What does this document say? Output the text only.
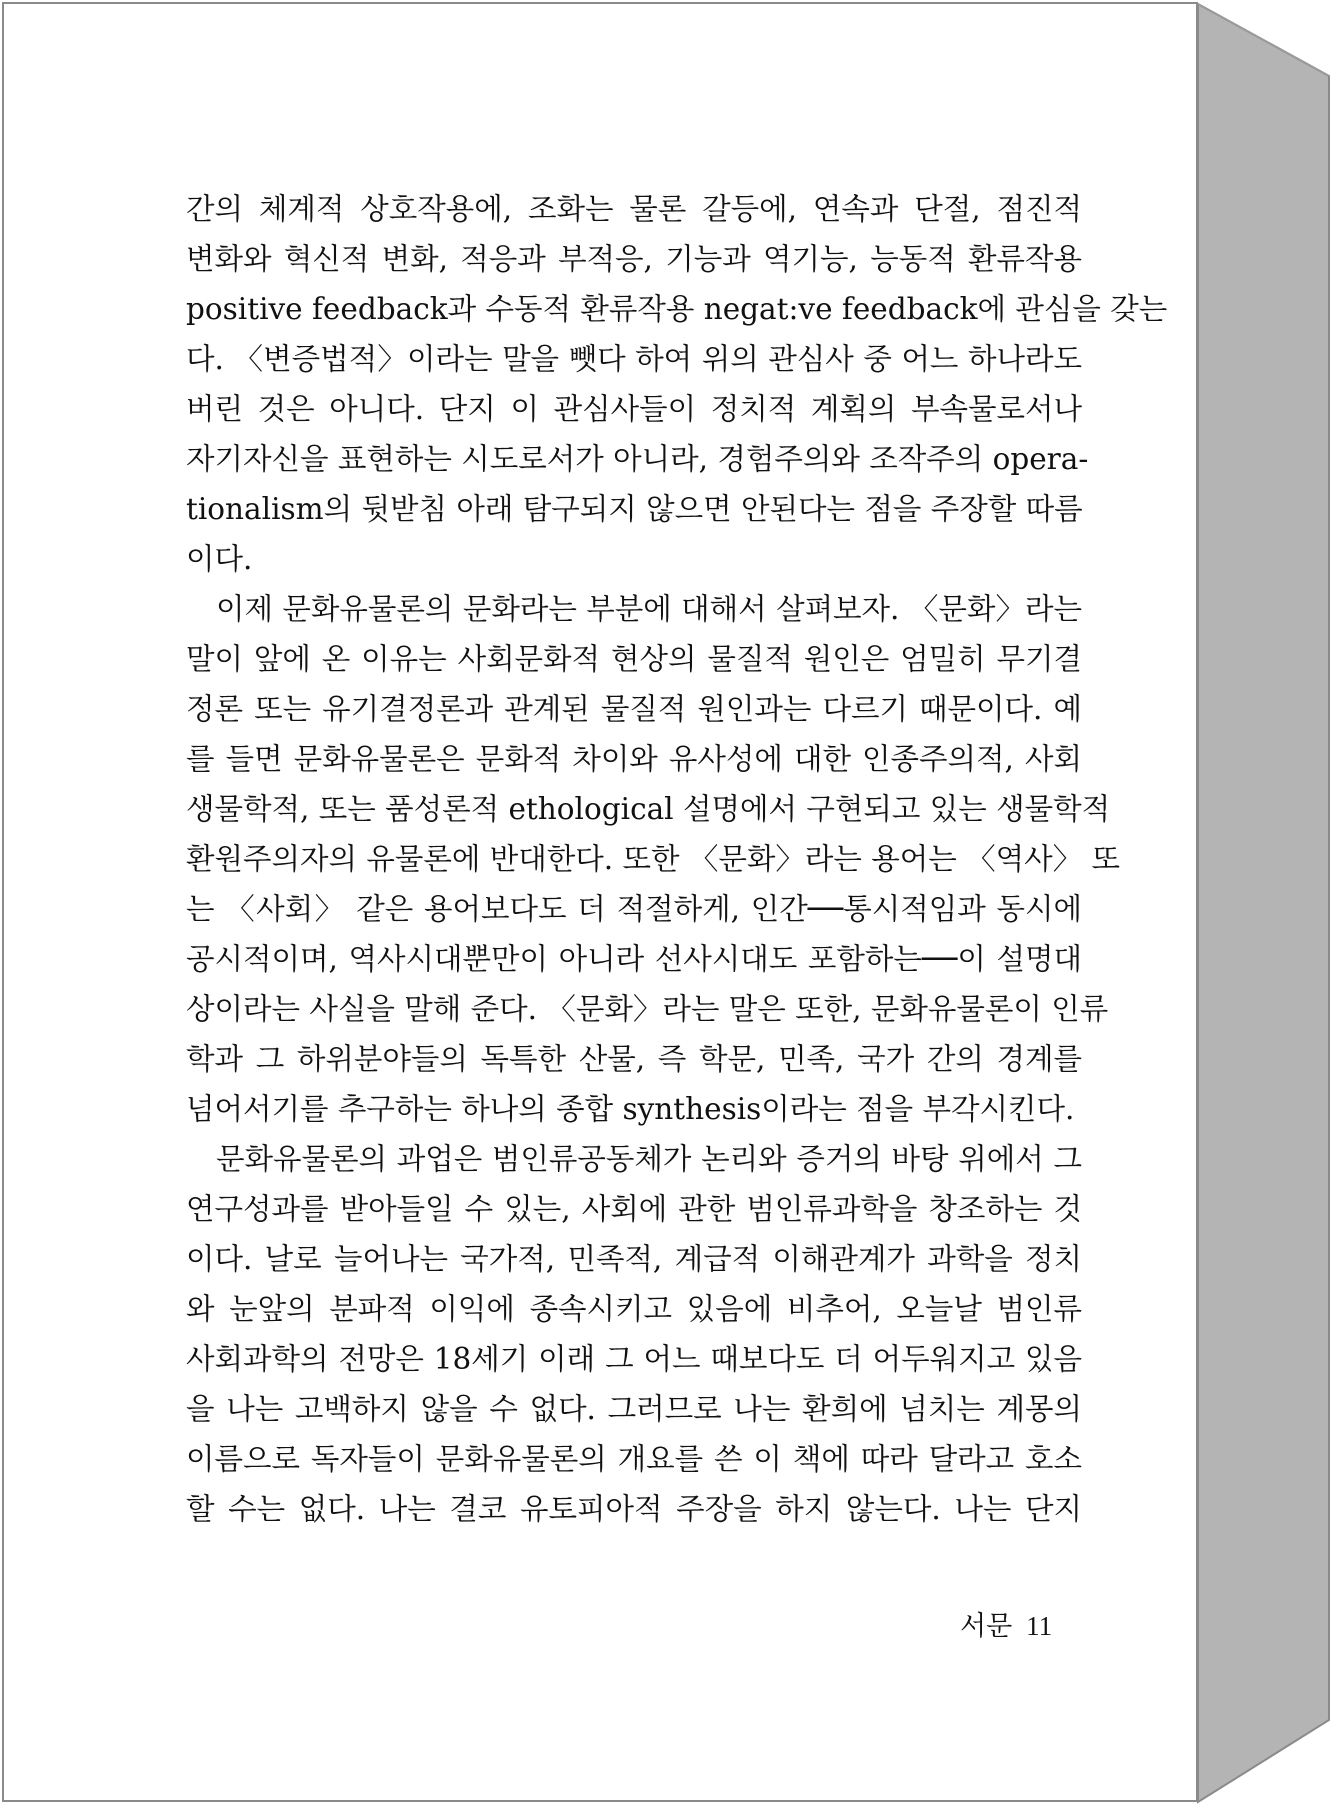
간의 체계적 상호작용에, 조화는 물론 갈등에, 연속과 단절, 점진적
변화와 혁신적 변화, 적응과 부적응, 기능과 역기능, 능동적 환류작용
positive feedback과 수동적 환류작용 negat:ve feedback에 관심을 갖는
다. 〈변증법적〉이라는 말을 뺏다 하여 위의 관심사 중 어느 하나라도
버린 것은 아니다. 단지 이 관심사들이 정치적 계획의 부속물로서나
자기자신을 표현하는 시도로서가 아니라, 경험주의와 조작주의 opera-
tionalism의 뒷받침 아래 탐구되지 않으면 안된다는 점을 주장할 따름
이다.
이제 문화유물론의 문화라는 부분에 대해서 살펴보자. 〈문화〉라는
말이 앞에 온 이유는 사회문화적 현상의 물질적 원인은 엄밀히 무기결
정론 또는 유기결정론과 관계된 물질적 원인과는 다르기 때문이다. 예
를 들면 문화유물론은 문화적 차이와 유사성에 대한 인종주의적, 사회
생물학적, 또는 품성론적 ethological 설명에서 구현되고 있는 생물학적
환원주의자의 유물론에 반대한다. 또한 〈문화〉라는 용어는 〈역사〉 또
는 〈사회〉 같은 용어보다도 더 적절하게, 인간──통시적임과 동시에
공시적이며, 역사시대뿐만이 아니라 선사시대도 포함하는──이 설명대
상이라는 사실을 말해 준다. 〈문화〉라는 말은 또한, 문화유물론이 인류
학과 그 하위분야들의 독특한 산물, 즉 학문, 민족, 국가 간의 경계를
넘어서기를 추구하는 하나의 종합 synthesis이라는 점을 부각시킨다.
문화유물론의 과업은 범인류공동체가 논리와 증거의 바탕 위에서 그
연구성과를 받아들일 수 있는, 사회에 관한 범인류과학을 창조하는 것
이다. 날로 늘어나는 국가적, 민족적, 계급적 이해관계가 과학을 정치
와 눈앞의 분파적 이익에 종속시키고 있음에 비추어, 오늘날 범인류
사회과학의 전망은 18세기 이래 그 어느 때보다도 더 어두워지고 있음
을 나는 고백하지 않을 수 없다. 그러므로 나는 환희에 넘치는 계몽의
이름으로 독자들이 문화유물론의 개요를 쓴 이 책에 따라 달라고 호소
할 수는 없다. 나는 결코 유토피아적 주장을 하지 않는다. 나는 단지
서문 11
